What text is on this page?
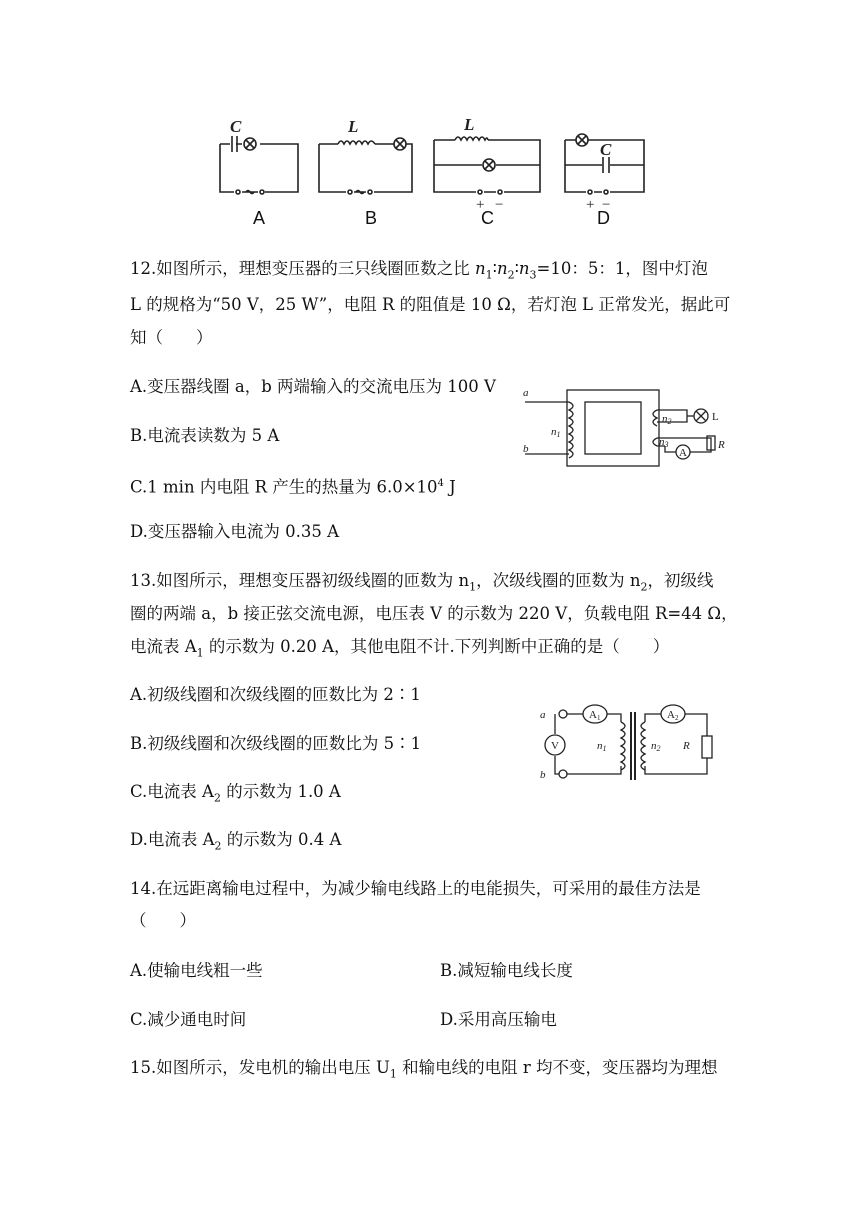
C	L	L
C
+ −	+ −
A	B	C	D
12.如图所示，理想变压器的三只线圈匝数之比 $n_1∶n_2∶n_3=10$：5：1，图中灯泡
L 的规格为“50 V，25 W”，电阻 R 的阻值是 10 Ω，若灯泡 L 正常发光，据此可
知（　　）
A.变压器线圈 a，b 两端输入的交流电压为 100 V
B.电流表读数为 5 A
C.1 min 内电阻 R 产生的热量为 $6.0\times 10^4$ J
D.变压器输入电流为 0.35 A
a
b
n1
n2
n3	R
L
A
13.如图所示，理想变压器初级线圈的匝数为 $n_1$，次级线圈的匝数为 $n_2$，初级线
圈的两端 a，b 接正弦交流电源，电压表 V 的示数为 220 V，负载电阻 R=44 Ω，
电流表 $A_1$ 的示数为 0.20 A，其他电阻不计.下列判断中正确的是（　　）
A.初级线圈和次级线圈的匝数比为 2∶1
B.初级线圈和次级线圈的匝数比为 5∶1
C.电流表 $A_2$ 的示数为 1.0 A
D.电流表 $A_2$ 的示数为 0.4 A
a
b
n1	n2 R
V
A1	A2
14.在远距离输电过程中，为减少输电线路上的电能损失，可采用的最佳方法是
（　　）
A.使输电线粗一些	B.减短输电线长度
C.减少通电时间	D.采用高压输电
15.如图所示，发电机的输出电压 $U_1$ 和输电线的电阻 r 均不变，变压器均为理想
